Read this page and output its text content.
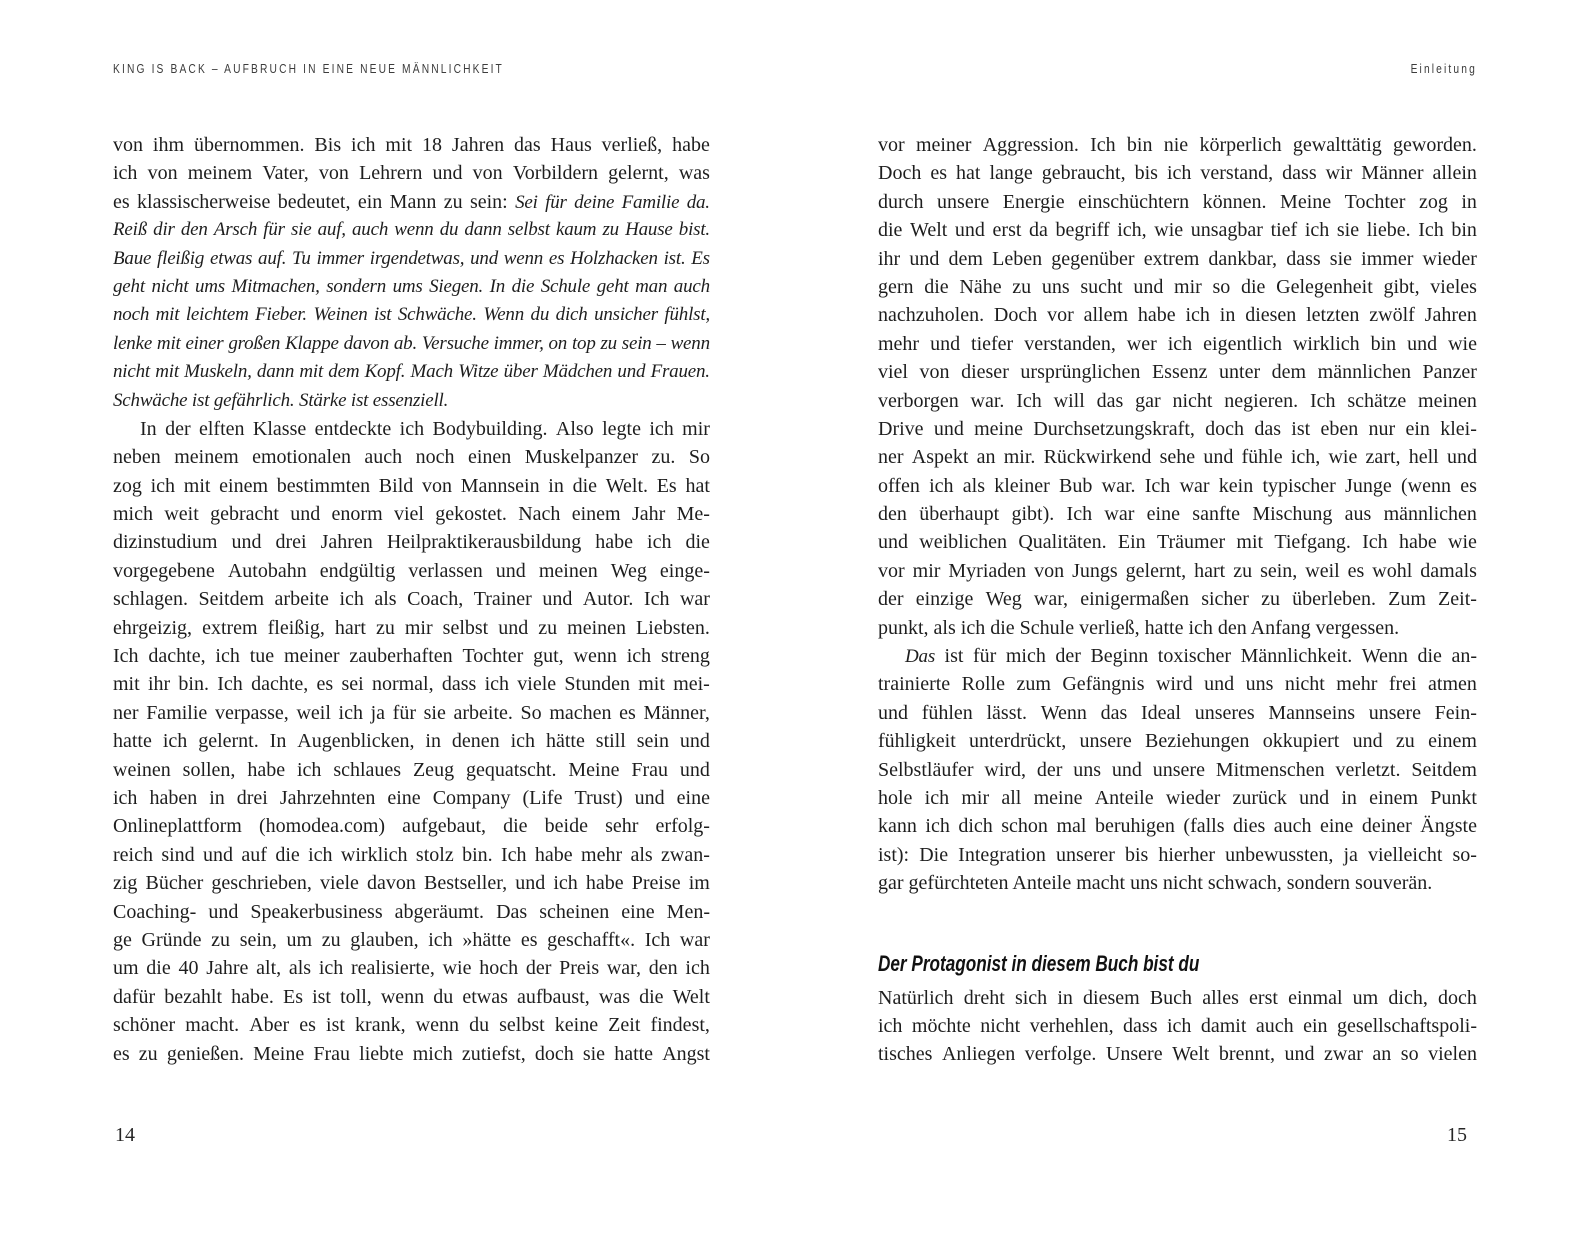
KING IS BACK – AUFBRUCH IN EINE NEUE MÄNNLICHKEIT	Einleitung
von ihm übernommen. Bis ich mit 18 Jahren das Haus verließ, habe
ich von meinem Vater, von Lehrern und von Vorbildern gelernt, was
es klassischerweise bedeutet, ein Mann zu sein: Sei für deine Familie da.
Reiß dir den Arsch für sie auf, auch wenn du dann selbst kaum zu Hause bist.
Baue fleißig etwas auf. Tu immer irgendetwas, und wenn es Holzhacken ist. Es
geht nicht ums Mitmachen, sondern ums Siegen. In die Schule geht man auch
noch mit leichtem Fieber. Weinen ist Schwäche. Wenn du dich unsicher fühlst,
lenke mit einer großen Klappe davon ab. Versuche immer, on top zu sein – wenn
nicht mit Muskeln, dann mit dem Kopf. Mach Witze über Mädchen und Frauen.
Schwäche ist gefährlich. Stärke ist essenziell.
In der elften Klasse entdeckte ich Bodybuilding. Also legte ich mir
neben meinem emotionalen auch noch einen Muskelpanzer zu. So
zog ich mit einem bestimmten Bild von Mannsein in die Welt. Es hat
mich weit gebracht und enorm viel gekostet. Nach einem Jahr Me-
dizinstudium und drei Jahren Heilpraktikerausbildung habe ich die
vorgegebene Autobahn endgültig verlassen und meinen Weg einge-
schlagen. Seitdem arbeite ich als Coach, Trainer und Autor. Ich war
ehrgeizig, extrem fleißig, hart zu mir selbst und zu meinen Liebsten.
Ich dachte, ich tue meiner zauberhaften Tochter gut, wenn ich streng
mit ihr bin. Ich dachte, es sei normal, dass ich viele Stunden mit mei-
ner Familie verpasse, weil ich ja für sie arbeite. So machen es Männer,
hatte ich gelernt. In Augenblicken, in denen ich hätte still sein und
weinen sollen, habe ich schlaues Zeug gequatscht. Meine Frau und
ich haben in drei Jahrzehnten eine Company (Life Trust) und eine
Onlineplattform (homodea.com) aufgebaut, die beide sehr erfolg-
reich sind und auf die ich wirklich stolz bin. Ich habe mehr als zwan-
zig Bücher geschrieben, viele davon Bestseller, und ich habe Preise im
Coaching- und Speakerbusiness abgeräumt. Das scheinen eine Men-
ge Gründe zu sein, um zu glauben, ich »hätte es geschafft«. Ich war
um die 40 Jahre alt, als ich realisierte, wie hoch der Preis war, den ich
dafür bezahlt habe. Es ist toll, wenn du etwas aufbaust, was die Welt
schöner macht. Aber es ist krank, wenn du selbst keine Zeit findest,
es zu genießen. Meine Frau liebte mich zutiefst, doch sie hatte Angst
vor meiner Aggression. Ich bin nie körperlich gewalttätig geworden.
Doch es hat lange gebraucht, bis ich verstand, dass wir Männer allein
durch unsere Energie einschüchtern können. Meine Tochter zog in
die Welt und erst da begriff ich, wie unsagbar tief ich sie liebe. Ich bin
ihr und dem Leben gegenüber extrem dankbar, dass sie immer wieder
gern die Nähe zu uns sucht und mir so die Gelegenheit gibt, vieles
nachzuholen. Doch vor allem habe ich in diesen letzten zwölf Jahren
mehr und tiefer verstanden, wer ich eigentlich wirklich bin und wie
viel von dieser ursprünglichen Essenz unter dem männlichen Panzer
verborgen war. Ich will das gar nicht negieren. Ich schätze meinen
Drive und meine Durchsetzungskraft, doch das ist eben nur ein klei-
ner Aspekt an mir. Rückwirkend sehe und fühle ich, wie zart, hell und
offen ich als kleiner Bub war. Ich war kein typischer Junge (wenn es
den überhaupt gibt). Ich war eine sanfte Mischung aus männlichen
und weiblichen Qualitäten. Ein Träumer mit Tiefgang. Ich habe wie
vor mir Myriaden von Jungs gelernt, hart zu sein, weil es wohl damals
der einzige Weg war, einigermaßen sicher zu überleben. Zum Zeit-
punkt, als ich die Schule verließ, hatte ich den Anfang vergessen.
Das ist für mich der Beginn toxischer Männlichkeit. Wenn die an-
trainierte Rolle zum Gefängnis wird und uns nicht mehr frei atmen
und fühlen lässt. Wenn das Ideal unseres Mannseins unsere Fein-
fühligkeit unterdrückt, unsere Beziehungen okkupiert und zu einem
Selbstläufer wird, der uns und unsere Mitmenschen verletzt. Seitdem
hole ich mir all meine Anteile wieder zurück und in einem Punkt
kann ich dich schon mal beruhigen (falls dies auch eine deiner Ängste
ist): Die Integration unserer bis hierher unbewussten, ja vielleicht so-
gar gefürchteten Anteile macht uns nicht schwach, sondern souverän.
Der Protagonist in diesem Buch bist du
Natürlich dreht sich in diesem Buch alles erst einmal um dich, doch
ich möchte nicht verhehlen, dass ich damit auch ein gesellschaftspoli-
tisches Anliegen verfolge. Unsere Welt brennt, und zwar an so vielen
14	15
